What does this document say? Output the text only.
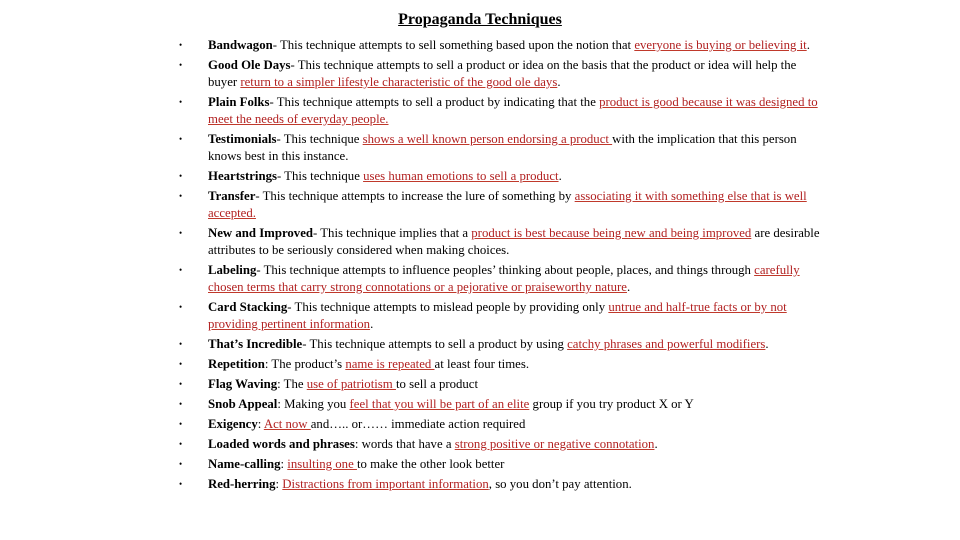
Propaganda Techniques
• Bandwagon- This technique attempts to sell something based upon the notion that everyone is buying or believing it.
• Good Ole Days- This technique attempts to sell a product or idea on the basis that the product or idea will help the buyer return to a simpler lifestyle characteristic of the good ole days.
• Plain Folks- This technique attempts to sell a product by indicating that the product is good because it was designed to meet the needs of everyday people.
• Testimonials- This technique shows a well known person endorsing a product with the implication that this person knows best in this instance.
• Heartstrings- This technique uses human emotions to sell a product.
• Transfer- This technique attempts to increase the lure of something by associating it with something else that is well accepted.
• New and Improved- This technique implies that a product is best because being new and being improved are desirable attributes to be seriously considered when making choices.
• Labeling- This technique attempts to influence peoples’ thinking about people, places, and things through carefully chosen terms that carry strong connotations or a pejorative or praiseworthy nature.
• Card Stacking- This technique attempts to mislead people by providing only untrue and half-true facts or by not providing pertinent information.
• That’s Incredible- This technique attempts to sell a product by using catchy phrases and powerful modifiers.
• Repetition: The product’s name is repeated at least four times.
• Flag Waving: The use of patriotism to sell a product
• Snob Appeal: Making you feel that you will be part of an elite group if you try product X or Y
• Exigency: Act now and….. or…… immediate action required
• Loaded words and phrases: words that have a strong positive or negative connotation.
• Name-calling: insulting one to make the other look better
• Red-herring: Distractions from important information, so you don’t pay attention.
